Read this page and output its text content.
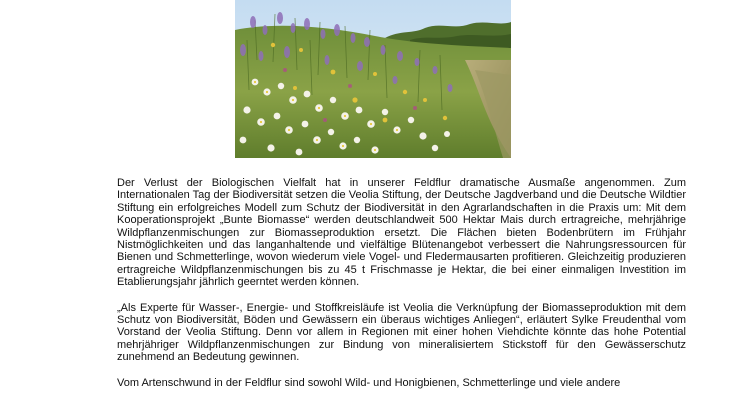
Der Verlust der Biologischen Vielfalt hat in unserer Feldflur dramatische Ausmaße angenommen. Zum Internationalen Tag der Biodiversität setzen die Veolia Stiftung, der Deutsche Jagdverband und die Deutsche Wildtier Stiftung ein erfolgreiches Modell zum Schutz der Biodiversität in den Agrarlandschaften in die Praxis um: Mit dem Kooperationsprojekt „Bunte Biomasse“ werden deutschlandweit 500 Hektar Mais durch ertragreiche, mehrjährige Wildpflanzenmischungen zur Biomasseproduktion ersetzt. Die Flächen bieten Bodenbrütern im Frühjahr Nistmöglichkeiten und das langanhaltende und vielfältige Blütenangebot verbessert die Nahrungsressourcen für Bienen und Schmetterlinge, wovon wiederum viele Vogel- und Fledermausarten profitieren. Gleichzeitig produzieren ertragreiche Wildpflanzenmischungen bis zu 45 t Frischmasse je Hektar, die bei einer einmaligen Investition im Etablierungsjahr jährlich geerntet werden können.

„Als Experte für Wasser-, Energie- und Stoffkreisläufe ist Veolia die Verknüpfung der Biomasseproduktion mit dem Schutz von Biodiversität, Böden und Gewässern ein überaus wichtiges Anliegen“, erläutert Sylke Freudenthal vom Vorstand der Veolia Stiftung. Denn vor allem in Regionen mit einer hohen Viehdichte könnte das hohe Potential mehrjähriger Wildpflanzenmischungen zur Bindung von mineralisiertem Stickstoff für den Gewässerschutz zunehmend an Bedeutung gewinnen.

Vom Artenschwund in der Feldflur sind sowohl Wild- und Honigbienen, Schmetterlinge und viele andere
